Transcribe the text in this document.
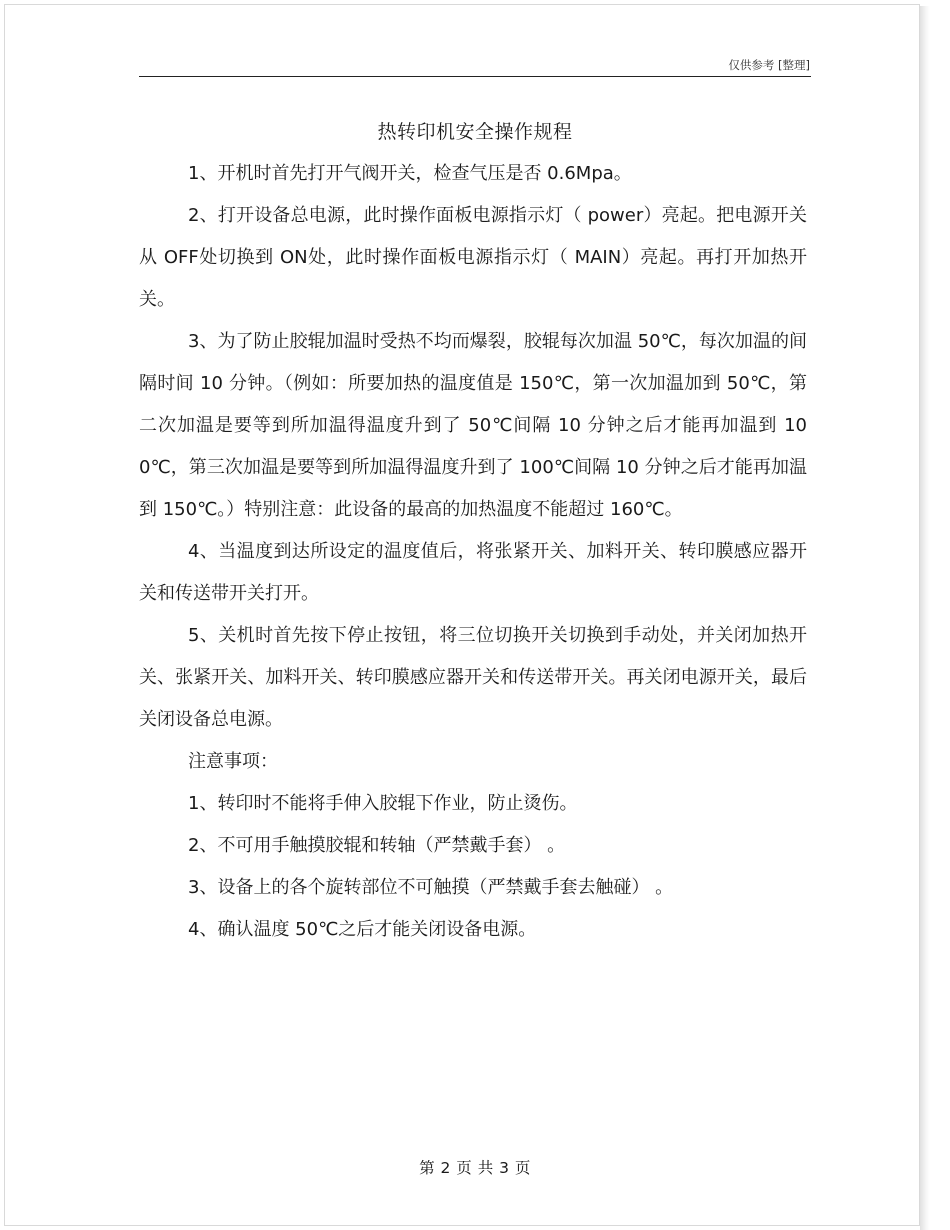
仅供参考 [整理]
热转印机安全操作规程

1、开机时首先打开气阀开关，检查气压是否 0.6Mpa。

2、打开设备总电源，此时操作面板电源指示灯（ power）亮起。把电源开关从 OFF处切换到 ON处，此时操作面板电源指示灯（ MAIN）亮起。再打开加热开关。

3、为了防止胶辊加温时受热不均而爆裂，胶辊每次加温 50℃，每次加温的间隔时间 10 分钟。（例如：所要加热的温度值是 150℃，第一次加温加到 50℃，第二次加温是要等到所加温得温度升到了 50℃间隔 10 分钟之后才能再加温到 100℃，第三次加温是要等到所加温得温度升到了 100℃间隔 10 分钟之后才能再加温到 150℃。）特别注意：此设备的最高的加热温度不能超过 160℃。

4、当温度到达所设定的温度值后，将张紧开关、加料开关、转印膜感应器开关和传送带开关打开。

5、关机时首先按下停止按钮，将三位切换开关切换到手动处，并关闭加热开关、张紧开关、加料开关、转印膜感应器开关和传送带开关。再关闭电源开关，最后关闭设备总电源。

注意事项：

1、转印时不能将手伸入胶辊下作业，防止烫伤。

2、不可用手触摸胶辊和转轴（严禁戴手套） 。

3、设备上的各个旋转部位不可触摸（严禁戴手套去触碰） 。

4、确认温度 50℃之后才能关闭设备电源。

第 2 页 共 3 页
